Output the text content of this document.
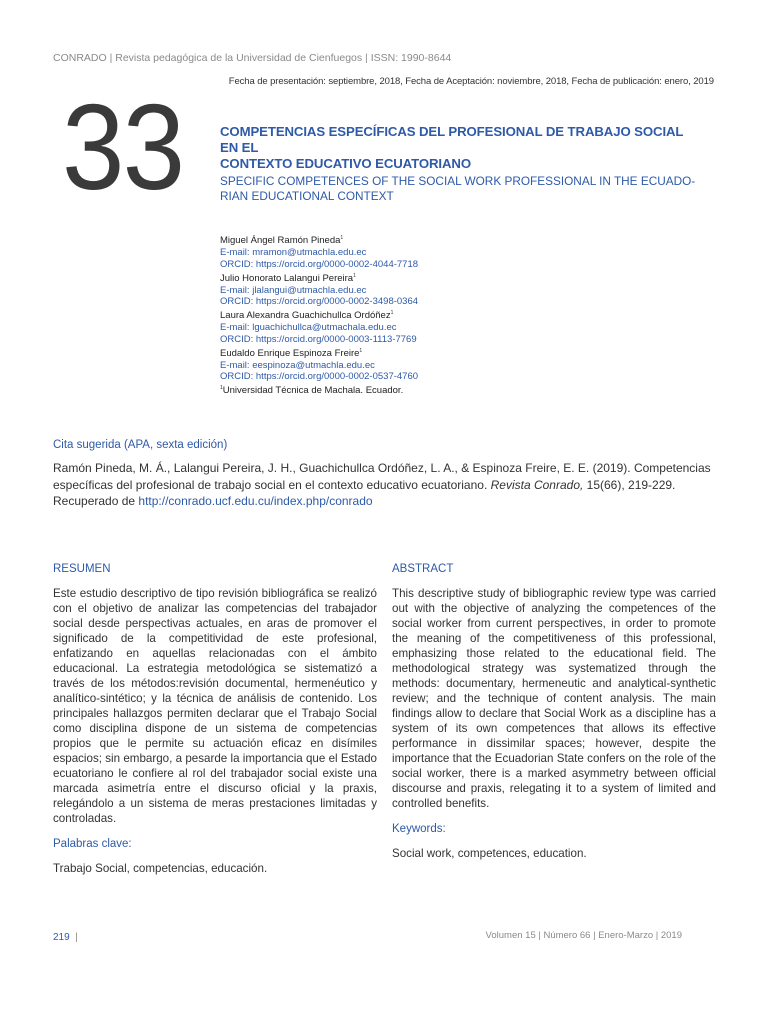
CONRADO | Revista pedagógica de la Universidad de Cienfuegos | ISSN: 1990-8644
Fecha de presentación: septiembre, 2018, Fecha de Aceptación: noviembre, 2018, Fecha de publicación: enero, 2019
33	COMPETENCIAS ESPECÍFICAS DEL PROFESIONAL DE TRABAJO SOCIAL EN EL
CONTEXTO EDUCATIVO ECUATORIANO
SPECIFIC COMPETENCES OF THE SOCIAL WORK PROFESSIONAL IN THE ECUADO-
RIAN EDUCATIONAL CONTEXT
Miguel Ángel Ramón Pineda$^1$
E-mail: mramon@utmachla.edu.ec
ORCID: https://orcid.org/0000-0002-4044-7718
Julio Honorato Lalangui Pereira$^1$
E-mail: jlalangui@utmachla.edu.ec
ORCID: https://orcid.org/0000-0002-3498-0364
Laura Alexandra Guachichullca Ordóñez$^1$
E-mail: lguachichullca@utmachala.edu.ec
ORCID: https://orcid.org/0000-0003-1113-7769
Eudaldo Enrique Espinoza Freire$^1$
E-mail: eespinoza@utmachla.edu.ec
ORCID: https://orcid.org/0000-0002-0537-4760
$^1$Universidad Técnica de Machala. Ecuador.
Cita sugerida (APA, sexta edición)
Ramón Pineda, M. Á., Lalangui Pereira, J. H., Guachichullca Ordóñez, L. A., & Espinoza Freire, E. E. (2019). Competencias específicas del profesional de trabajo social en el contexto educativo ecuatoriano. Revista Conrado, 15(66), 219-229. Recuperado de http://conrado.ucf.edu.cu/index.php/conrado
RESUMEN

Este estudio descriptivo de tipo revisión bibliográfica se realizó con el objetivo de analizar las competencias del trabajador social desde perspectivas actuales, en aras de promover el significado de la competitividad de este profesional, enfatizando en aquellas relacionadas con el ámbito educacional. La estrategia metodológica se sistematizó a través de los métodos:revisión documental, hermenéutico y analítico-sintético; y la técnica de análisis de contenido. Los principales hallazgos permiten declarar que el Trabajo Social como disciplina dispone de un sistema de competencias propios que le permite su actuación eficaz en disímiles espacios; sin embargo, a pesarde la importancia que el Estado ecuatoriano le confiere al rol del trabajador social existe una marcada asimetría entre el discurso oficial y la praxis, relegándolo a un sistema de meras prestaciones limitadas y controladas.

Palabras clave:

Trabajo Social, competencias, educación.

ABSTRACT

This descriptive study of bibliographic review type was carried out with the objective of analyzing the competences of the social worker from current perspectives, in order to promote the meaning of the competitiveness of this professional, emphasizing those related to the educational field. The methodological strategy was systematized through the methods: documentary, hermeneutic and analytical-synthetic review; and the technique of content analysis. The main findings allow to declare that Social Work as a discipline has a system of its own competences that allows its effective performance in dissimilar spaces; however, despite the importance that the Ecuadorian State confers on the role of the social worker, there is a marked asymmetry between official discourse and praxis, relegating it to a system of limited and controlled benefits.

Keywords:

Social work, competences, education.

219 |	Volumen 15 | Número 66 | Enero-Marzo | 2019
